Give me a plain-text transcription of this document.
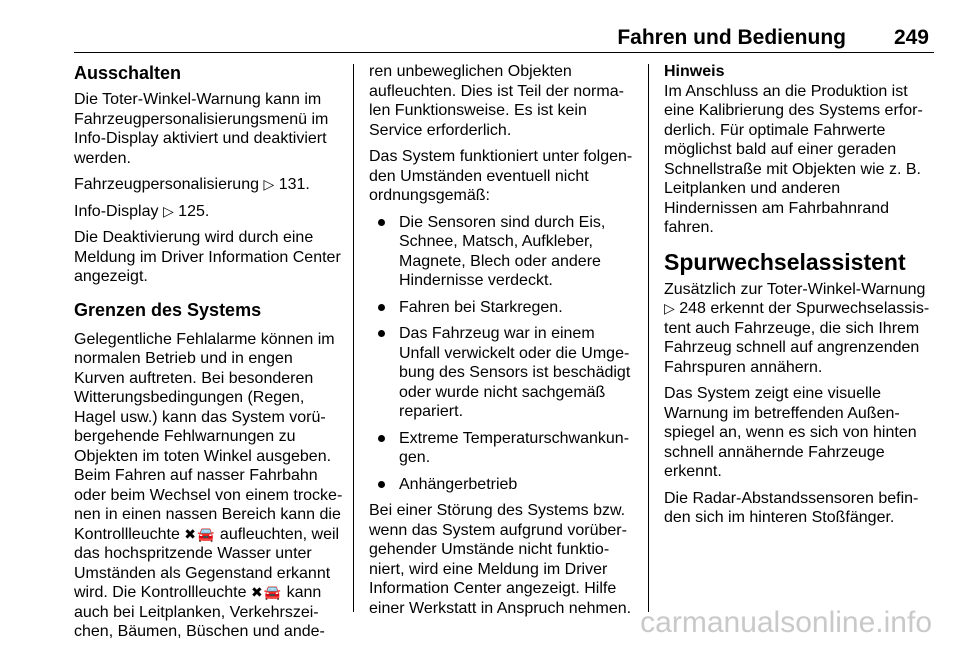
Fahren und Bedienung 249
Ausschalten

Die Toter-Winkel-Warnung kann im Fahrzeugpersonalisierungsmenü im Info-Display aktiviert und deaktiviert werden.

Fahrzeugpersonalisierung ▷ 131.

Info-Display ▷ 125.

Die Deaktivierung wird durch eine Meldung im Driver Information Center angezeigt.

Grenzen des Systems

Gelegentliche Fehlalarme können im normalen Betrieb und in engen Kurven auftreten. Bei besonderen Witterungsbedingungen (Regen, Hagel usw.) kann das System vorü- bergehende Fehlwarnungen zu Objekten im toten Winkel ausgeben. Beim Fahren auf nasser Fahrbahn oder beim Wechsel von einem trocke- nen in einen nassen Bereich kann die Kontrollleuchte ✖🚘 aufleuchten, weil das hochspritzende Wasser unter Umständen als Gegenstand erkannt wird. Die Kontrollleuchte ✖🚘 kann auch bei Leitplanken, Verkehrszei- chen, Bäumen, Büschen und ande-

ren unbeweglichen Objekten aufleuchten. Dies ist Teil der norma- len Funktionsweise. Es ist kein Service erforderlich.

Das System funktioniert unter folgen- den Umständen eventuell nicht ordnungsgemäß:

Die Sensoren sind durch Eis, Schnee, Matsch, Aufkleber, Magnete, Blech oder andere Hindernisse verdeckt.
Fahren bei Starkregen.
Das Fahrzeug war in einem Unfall verwickelt oder die Umge- bung des Sensors ist beschädigt oder wurde nicht sachgemäß repariert.
Extreme Temperaturschwankun- gen.
Anhängerbetrieb

Bei einer Störung des Systems bzw. wenn das System aufgrund vorüber- gehender Umstände nicht funktio- niert, wird eine Meldung im Driver Information Center angezeigt. Hilfe einer Werkstatt in Anspruch nehmen.

Hinweis

Im Anschluss an die Produktion ist eine Kalibrierung des Systems erfor- derlich. Für optimale Fahrwerte möglichst bald auf einer geraden Schnellstraße mit Objekten wie z. B. Leitplanken und anderen Hindernissen am Fahrbahnrand fahren.

Spurwechselassistent

Zusätzlich zur Toter-Winkel-Warnung ▷ 248 erkennt der Spurwechselassis- tent auch Fahrzeuge, die sich Ihrem Fahrzeug schnell auf angrenzenden Fahrspuren annähern.

Das System zeigt eine visuelle Warnung im betreffenden Außen- spiegel an, wenn es sich von hinten schnell annähernde Fahrzeuge erkennt.

Die Radar-Abstandssensoren befin- den sich im hinteren Stoßfänger.

carmanualsonline.info
